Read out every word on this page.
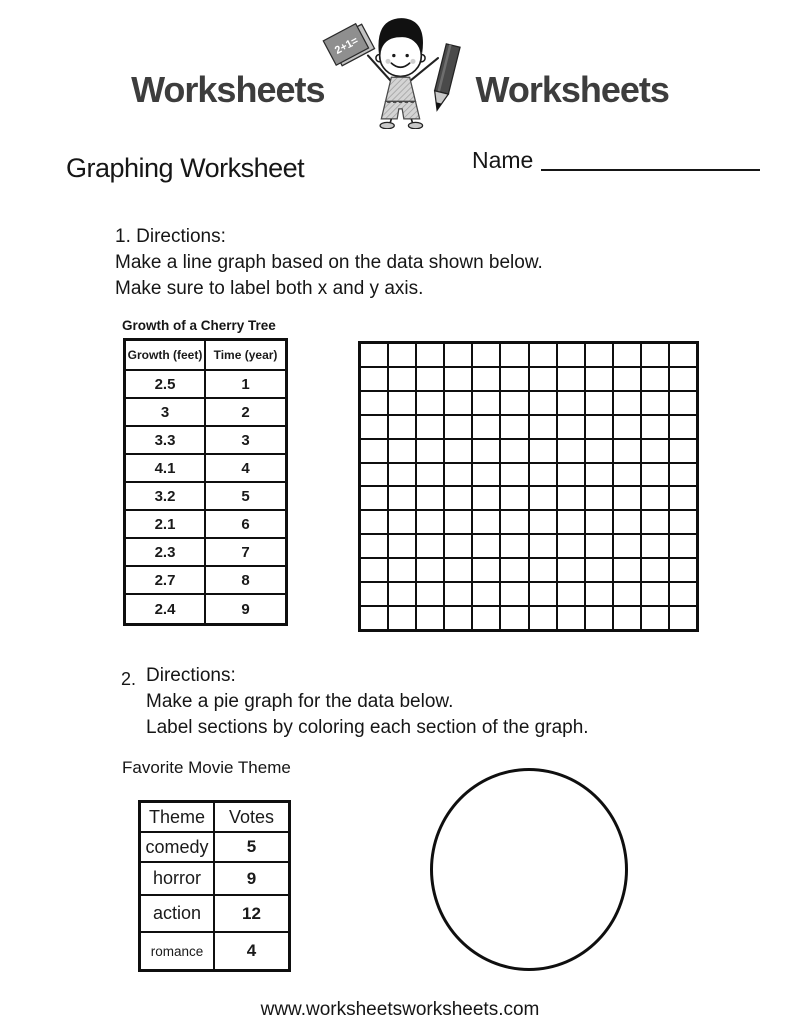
Worksheets
2+1=
Worksheets
Graphing Worksheet	Name
1. Directions:
Make a line graph based on the data shown below.
Make sure to label both x and y axis.
Growth of a Cherry Tree
Growth (feet)	Time (year)
2.5	1
3	2
3.3	3
4.1	4
3.2	5
2.1	6
2.3	7
2.7	8
2.4	9
2. Directions:
Make a pie graph for the data below.
Label sections by coloring each section of the graph.
Favorite Movie Theme
Theme	Votes
comedy	5
horror	9
action	12
romance	4
www.worksheetsworksheets.com
